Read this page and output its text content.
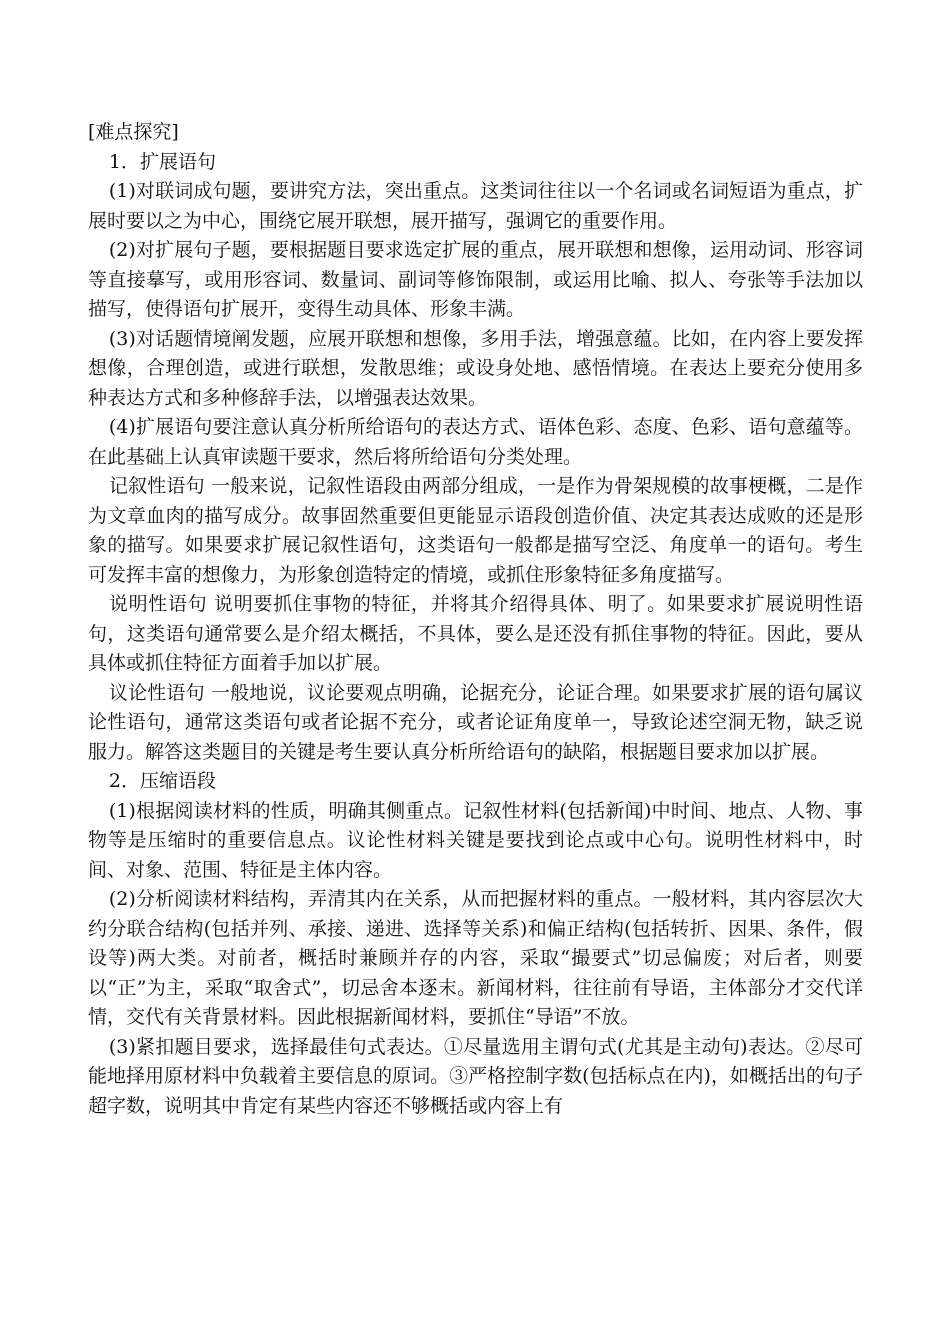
[难点探究]

1．扩展语句

(1)对联词成句题，要讲究方法，突出重点。这类词往往以一个名词或名词短语为重点，扩展时要以之为中心，围绕它展开联想，展开描写，强调它的重要作用。

(2)对扩展句子题，要根据题目要求选定扩展的重点，展开联想和想像，运用动词、形容词等直接摹写，或用形容词、数量词、副词等修饰限制，或运用比喻、拟人、夸张等手法加以描写，使得语句扩展开，变得生动具体、形象丰满。

(3)对话题情境阐发题，应展开联想和想像，多用手法，增强意蕴。比如，在内容上要发挥想像，合理创造，或进行联想，发散思维；或设身处地、感悟情境。在表达上要充分使用多种表达方式和多种修辞手法，以增强表达效果。

(4)扩展语句要注意认真分析所给语句的表达方式、语体色彩、态度、色彩、语句意蕴等。在此基础上认真审读题干要求，然后将所给语句分类处理。

记叙性语句 一般来说，记叙性语段由两部分组成，一是作为骨架规模的故事梗概，二是作为文章血肉的描写成分。故事固然重要但更能显示语段创造价值、决定其表达成败的还是形象的描写。如果要求扩展记叙性语句，这类语句一般都是描写空泛、角度单一的语句。考生可发挥丰富的想像力，为形象创造特定的情境，或抓住形象特征多角度描写。

说明性语句 说明要抓住事物的特征，并将其介绍得具体、明了。如果要求扩展说明性语句，这类语句通常要么是介绍太概括，不具体，要么是还没有抓住事物的特征。因此，要从具体或抓住特征方面着手加以扩展。

议论性语句 一般地说，议论要观点明确，论据充分，论证合理。如果要求扩展的语句属议论性语句，通常这类语句或者论据不充分，或者论证角度单一，导致论述空洞无物，缺乏说服力。解答这类题目的关键是考生要认真分析所给语句的缺陷，根据题目要求加以扩展。

2．压缩语段

(1)根据阅读材料的性质，明确其侧重点。记叙性材料(包括新闻)中时间、地点、人物、事物等是压缩时的重要信息点。议论性材料关键是要找到论点或中心句。说明性材料中，时间、对象、范围、特征是主体内容。

(2)分析阅读材料结构，弄清其内在关系，从而把握材料的重点。一般材料，其内容层次大约分联合结构(包括并列、承接、递进、选择等关系)和偏正结构(包括转折、因果、条件，假设等)两大类。对前者，概括时兼顾并存的内容，采取“撮要式”切忌偏废；对后者，则要以“正”为主，采取“取舍式”，切忌舍本逐末。新闻材料，往往前有导语，主体部分才交代详情，交代有关背景材料。因此根据新闻材料，要抓住“导语”不放。

(3)紧扣题目要求，选择最佳句式表达。①尽量选用主谓句式(尤其是主动句)表达。②尽可能地择用原材料中负载着主要信息的原词。③严格控制字数(包括标点在内)，如概括出的句子超字数，说明其中肯定有某些内容还不够概括或内容上有
